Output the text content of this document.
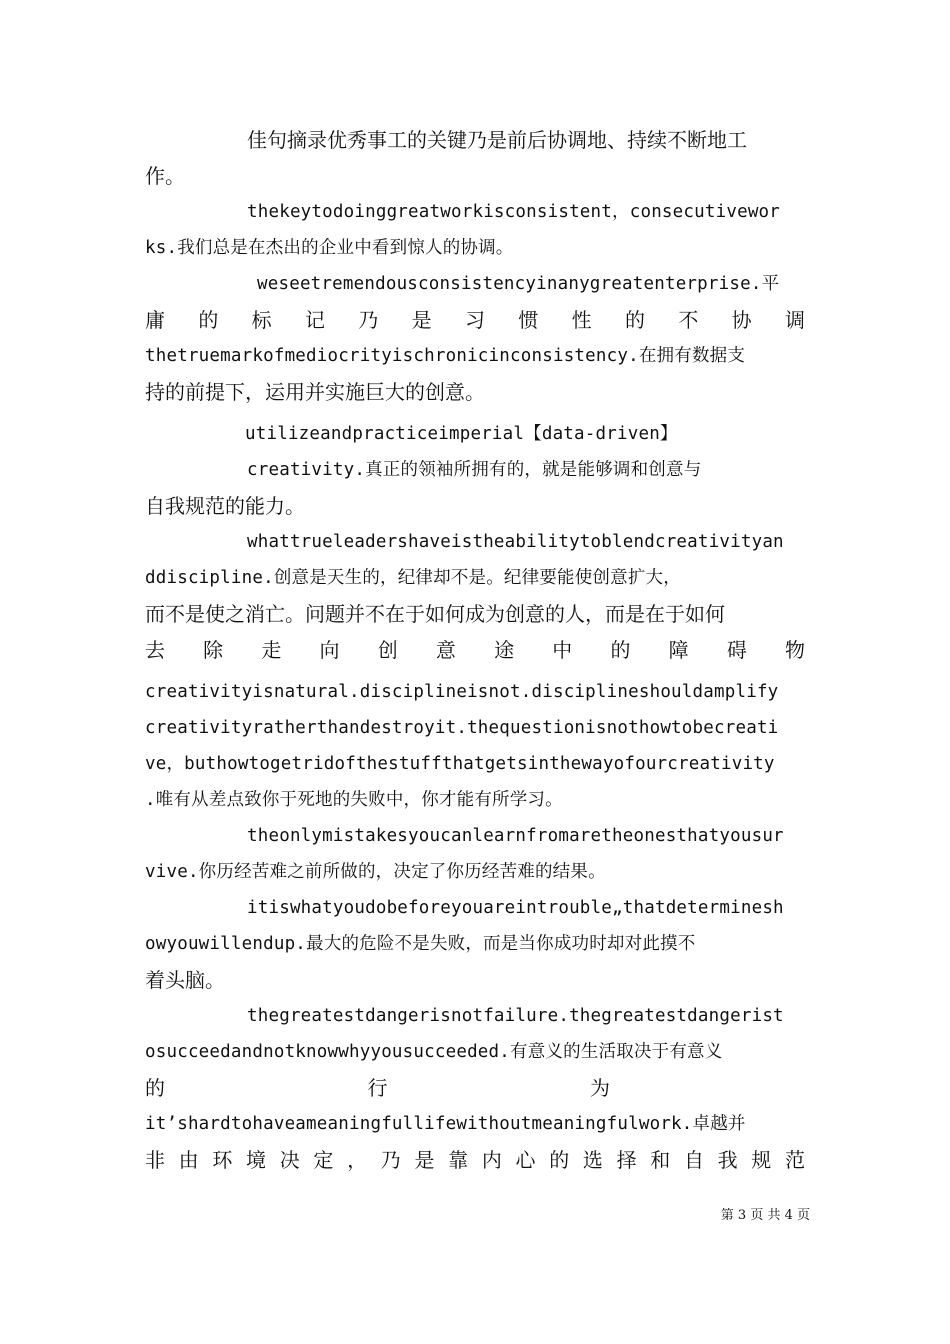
佳句摘录优秀事工的关键乃是前后协调地、持续不断地工
作。
thekeytodoinggreatworkisconsistent，consecutivewor
ks.我们总是在杰出的企业中看到惊人的协调。
weseetremendousconsistencyinanygreatenterprise.平
庸 的 标 记 乃 是 习 惯 性 的 不 协 调
thetruemarkofmediocrityischronicinconsistency.在拥有数据支
持的前提下，运用并实施巨大的创意。
utilizeandpracticeimperial【data-driven】
creativity.真正的领袖所拥有的，就是能够调和创意与
自我规范的能力。
whattrueleadershaveistheabilitytoblendcreativityan
ddiscipline.创意是天生的，纪律却不是。纪律要能使创意扩大，
而不是使之消亡。问题并不在于如何成为创意的人，而是在于如何
去 除 走 向 创 意 途 中 的 障 碍 物
creativityisnatural.disciplineisnot.disciplineshouldamplify
creativityratherthandestroyit.thequestionisnothowtobecreati
ve，buthowtogetridofthestuffthatgetsinthewayofourcreativity
.唯有从差点致你于死地的失败中，你才能有所学习。
theonlymistakesyoucanlearnfromaretheonesthatyousur
vive.你历经苦难之前所做的，决定了你历经苦难的结果。
itiswhatyoudobeforeyouareintrouble„thatdeterminesh
owyouwillendup.最大的危险不是失败，而是当你成功时却对此摸不
着头脑。
thegreatestdangerisnotfailure.thegreatestdangerist
osucceedandnotknowwhyyousucceeded.有意义的生活取决于有意义
的 行 为
it’shardtohaveameaningfullifewithoutmeaningfulwork.卓越并
非 由 环 境 决 定 ， 乃 是 靠 内 心 的 选 择 和 自 我 规 范
第 3 页 共 4 页
